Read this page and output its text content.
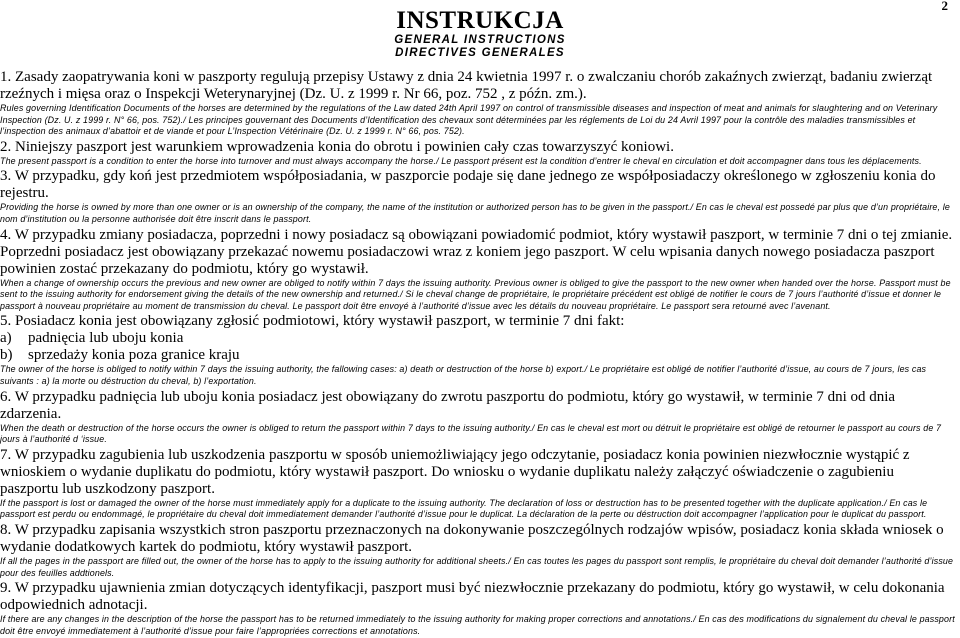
2
INSTRUKCJA
GENERAL INSTRUCTIONS
DIRECTIVES GENERALES

1. Zasady zaopatrywania koni w paszporty regulują przepisy Ustawy z dnia 24 kwietnia 1997 r. o zwalczaniu chorób zakaźnych zwierząt, badaniu zwierząt rzeźnych i mięsa oraz o Inspekcji Weterynaryjnej (Dz. U. z 1999 r. Nr 66, poz. 752 , z późn. zm.).

Rules governing Identification Documents of the horses are determined by the regulations of the Law dated 24th April 1997 on control of transmissible diseases and inspection of meat and animals for slaughtering and on Veterinary Inspection (Dz. U. z 1999 r. N° 66, pos. 752)./ Les principes gouvernant des Documents d’Identification des chevaux sont déterminées par les réglements de Loi du 24 Avril 1997 pour la contrôle des maladies transmissibles et l’inspection des animaux d’abattoir et de viande et pour L’Inspection Vétérinaire (Dz. U. z 1999 r. N° 66, pos. 752).

2. Niniejszy paszport jest warunkiem wprowadzenia konia do obrotu i powinien cały czas towarzyszyć koniowi.

The present passport is a condition to enter the horse into turnover and must always accompany the horse./ Le passport présent est la condition d’entrer le cheval en circulation et doit accompagner dans tous les déplacements.

3. W przypadku, gdy koń jest przedmiotem współposiadania, w paszporcie podaje się dane jednego ze współposiadaczy określonego w zgłoszeniu konia do rejestru.

Providing the horse is owned by more than one owner or is an ownership of the company, the name of the institution or authorized person has to be given in the passport./ En cas le cheval est possedé par plus que d’un propriétaire, le nom d’institution ou la personne authorisée doit être inscrit dans le passport.

4. W przypadku zmiany posiadacza, poprzedni i nowy posiadacz są obowiązani powiadomić podmiot, który wystawił paszport, w terminie 7 dni o tej zmianie. Poprzedni posiadacz jest obowiązany przekazać nowemu posiadaczowi wraz z koniem jego paszport. W celu wpisania danych nowego posiadacza paszport powinien zostać przekazany do podmiotu, który go wystawił.

When a change of ownership occurs the previous and new owner are obliged to notify within 7 days the issuing authority. Previous owner is obliged to give the passport to the new owner when handed over the horse. Passport must be sent to the issuing authority for endorsement giving the details of the new ownership and returned./ Si le cheval change de propriétaire, le propriétaire précédent est obligé de notifier le cours de 7 jours l’authorité d’issue et donner le passport à nouveau propriétaire au moment de transmission du cheval. Le passport doit être envoyé à l’authorité d’issue avec les détails du nouveau propriétaire. Le passport sera retourné avec l’avenant.

5. Posiadacz konia jest obowiązany zgłosić podmiotowi, który wystawił paszport, w terminie 7 dni fakt:

a)	padnięcia lub uboju konia
b)	sprzedaży konia poza granice kraju

The owner of the horse is obliged to notify within 7 days the issuing authority, the fallowing cases: a) death or destruction of the horse b) export./ Le propriétaire est obligé de notifier l’authorité d’issue, au cours de 7 jours, les cas suivants : a) la morte ou déstruction du cheval, b) l’exportation.

6. W przypadku padnięcia lub uboju konia posiadacz jest obowiązany do zwrotu paszportu do podmiotu, który go wystawił, w terminie 7 dni od dnia zdarzenia.

When the death or destruction of the horse occurs the owner is obliged to return the passport within 7 days to the issuing authority./ En cas le cheval est mort ou détruit le propriétaire est obligé de retourner le passport au cours de 7 jours à l’authorité d ‘issue.

7. W przypadku zagubienia lub uszkodzenia paszportu w sposób uniemożliwiający jego odczytanie, posiadacz konia powinien niezwłocznie wystąpić z wnioskiem o wydanie duplikatu do podmiotu, który wystawił paszport. Do wniosku o wydanie duplikatu należy załączyć oświadczenie o zagubieniu paszportu lub uszkodzony paszport.

If the passport is lost or damaged the owner of the horse must immediately apply for a duplicate to the issuing authority. The declaration of loss or destruction has to be presented together with the duplicate application./ En cas le passport est perdu ou endommagé, le propriétaire du cheval doit immediatement demander l’authorité d’issue pour le duplicat. La déclaration de la perte ou déstruction doit accompagner l’application pour le duplicat du passport.

8. W przypadku zapisania wszystkich stron paszportu przeznaczonych na dokonywanie poszczególnych rodzajów wpisów, posiadacz konia składa wniosek o wydanie dodatkowych kartek do podmiotu, który wystawił paszport.

If all the pages in the passport are filled out, the owner of the horse has to apply to the issuing authority for additional sheets./ En cas toutes les pages du passport sont remplis, le propriétaire du cheval doit demander l’authorité d’issue pour des feuilles addtionels.

9. W przypadku ujawnienia zmian dotyczących identyfikacji, paszport musi być niezwłocznie przekazany do podmiotu, który go wystawił, w celu dokonania odpowiednich adnotacji.

If there are any changes in the description of the horse the passport has to be returned immediately to the issuing authority for making proper corrections and annotations./ En cas des modifications du signalement du cheval le passport doit être envoyé immediatement à l’authorité d’issue pour faire l’appropriées corrections et annotations.
